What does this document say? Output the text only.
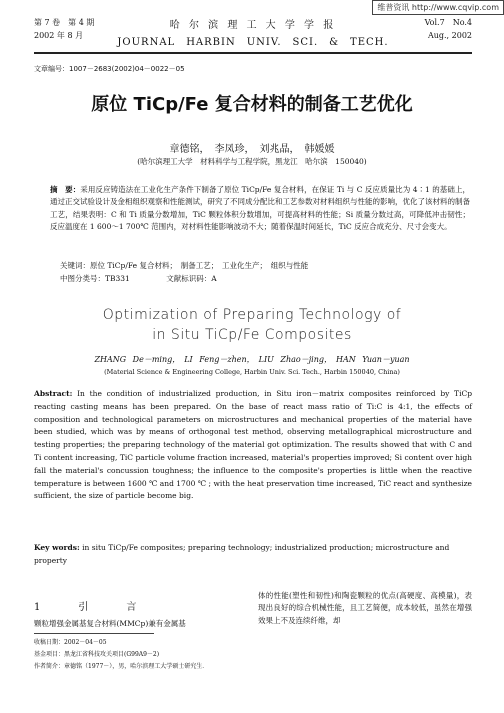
维普资讯 http://www.cqvip.com
第 7 卷　第 4 期
2002 年 8 月
哈 尔 滨 理 工 大 学 学 报
JOURNAL　HARBIN　UNIV.　SCI.　&　TECH.
Vol.7　No.4
Aug., 2002
文章编号：1007－2683(2002)04－0022－05
原位 TiCp/Fe 复合材料的制备工艺优化
章德铭，　李凤珍，　刘兆晶，　韩媛媛
(哈尔滨理工大学　材料科学与工程学院，黑龙江　哈尔滨　150040)
摘　要：采用反应铸造法在工业化生产条件下制备了原位 TiCp/Fe 复合材料，在保证 Ti 与 C 反应质量比为 4∶1 的基础上，通过正交试验设计及金相组织观察和性能测试，研究了不同成分配比和工艺参数对材料组织与性能的影响，优化了该材料的制备工艺，结果表明：C 和 Ti 质量分数增加，TiC 颗粒体积分数增加，可提高材料的性能；Si 质量分数过高，可降低冲击韧性；反应温度在 1 600～1 700℃ 范围内，对材料性能影响波动不大；随着保温时间延长，TiC 反应合成充分、尺寸会变大。
关键词：原位 TiCp/Fe 复合材料；　制备工艺；　工业化生产；　组织与性能
中图分类号：TB331	文献标识码：A
Optimization of Preparing Technology of
in Situ TiCp/Fe Composites
ZHANG De－ming，　LI Feng－zhen，　LIU Zhao－jing，　HAN Yuan－yuan
(Material Science & Engineering College, Harbin Univ. Sci. Tech., Harbin 150040, China)
Abstract: In the condition of industrialized production, in Situ iron－matrix composites reinforced by TiCp reacting casting means has been prepared. On the base of react mass ratio of Ti:C is 4:1, the effects of composition and technological parameters on microstructures and mechanical properties of the material have been studied, which was by means of orthogonal test method, observing metallographical microstructure and testing properties; the preparing technology of the material got optimization. The results showed that with C and Ti content increasing, TiC particle volume fraction increased, material's properties improved; Si content over high fall the material's concussion toughness; the influence to the composite's properties is little when the reactive temperature is between 1600 ℃ and 1700 ℃ ; with the heat preservation time increased, TiC react and synthesize sufficient, the size of particle become big.
Key words: in situ TiCp/Fe composites; preparing technology; industrialized production; microstructure and property
1　引　言
颗粒增强金属基复合材料(MMCp)兼有金属基
体的性能(塑性和韧性)和陶瓷颗粒的优点(高硬度、高模量)，表现出良好的综合机械性能，且工艺简便，成本较低，虽然在增强效果上不及连续纤维，却
收稿日期：2002－04－05
基金项目：黑龙江省科技攻关项目(G99A9－2)
作者简介：章德铭（1977－），男，哈尔滨理工大学硕士研究生．
